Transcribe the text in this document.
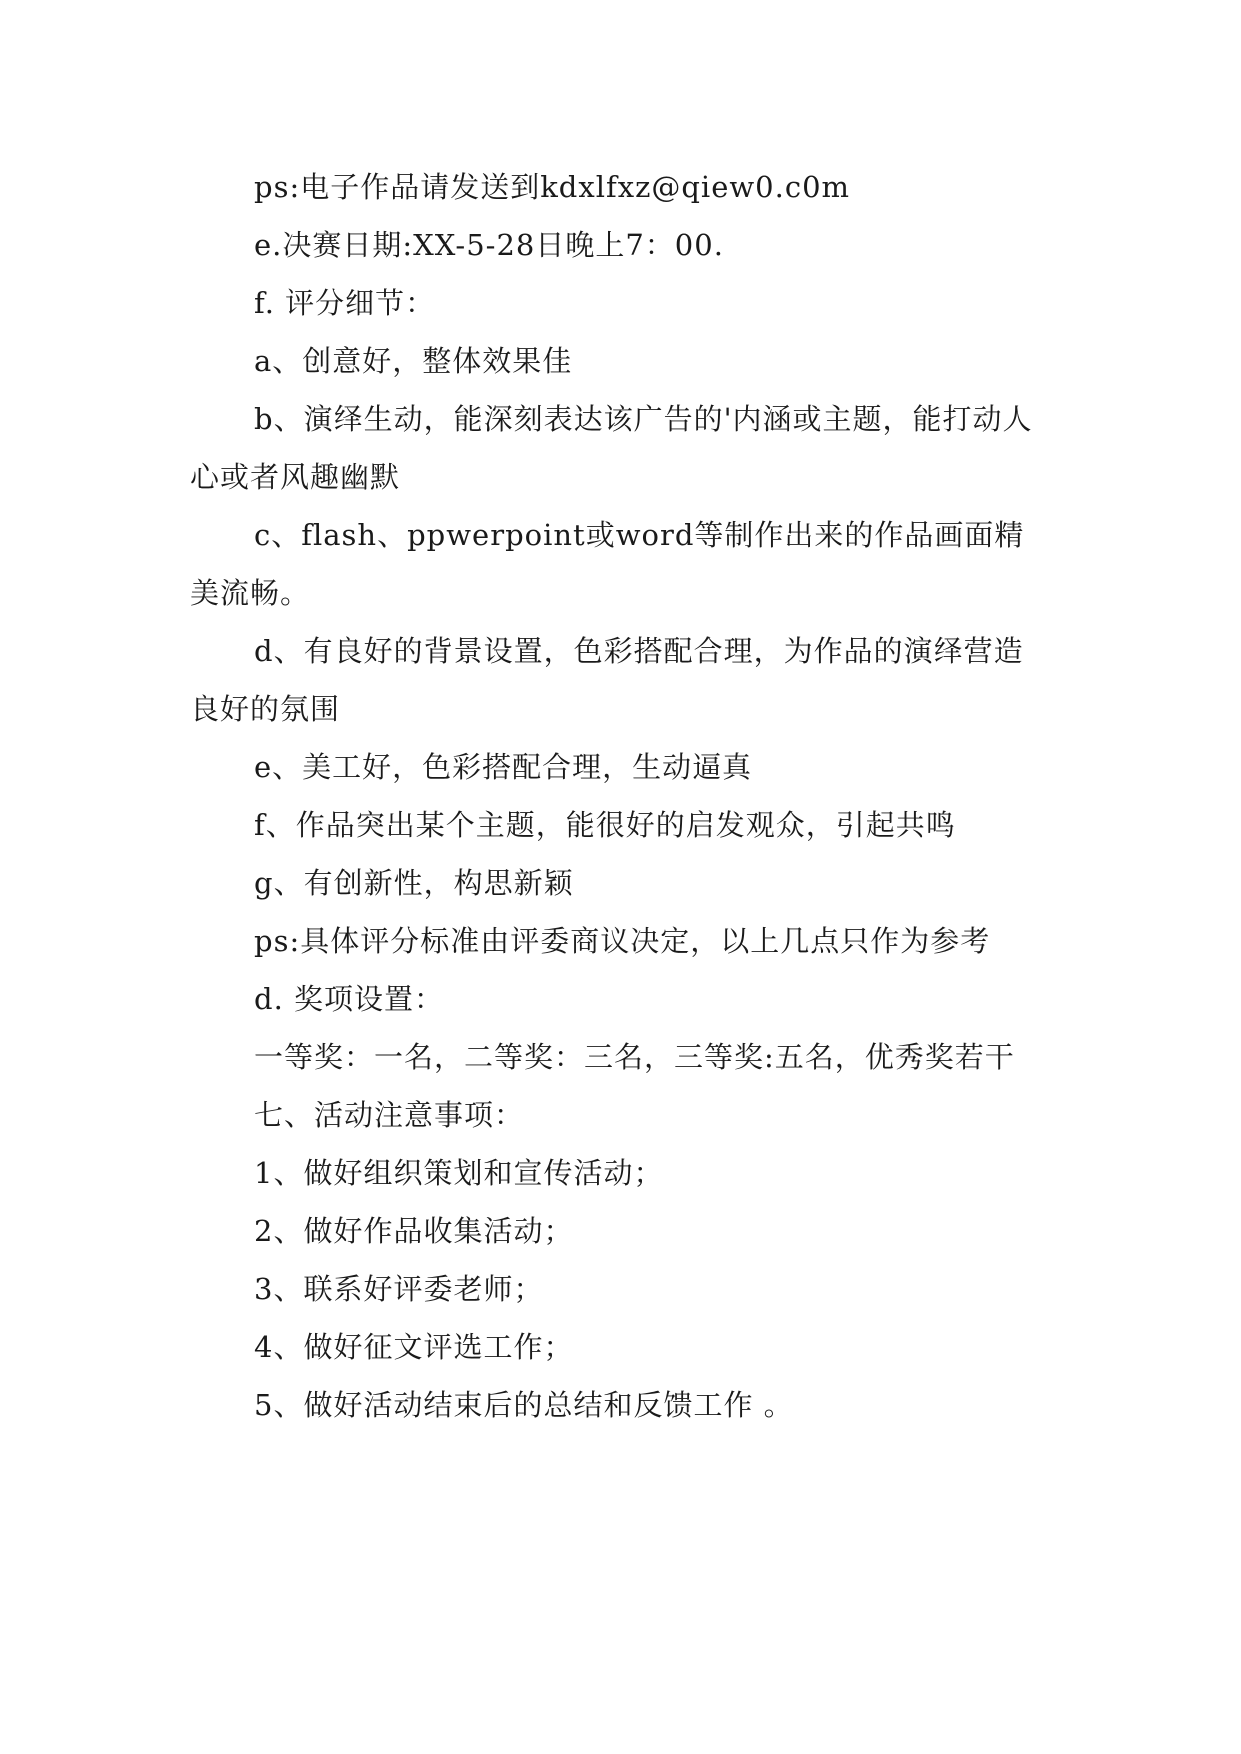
ps:电子作品请发送到kdxlfxz@qiew0.c0m

e.决赛日期:XX-5-28日晚上7：00.

f. 评分细节：

a、创意好，整体效果佳

b、演绎生动，能深刻表达该广告的'内涵或主题，能打动人心或者风趣幽默

c、flash、ppwerpoint或word等制作出来的作品画面精美流畅。

d、有良好的背景设置，色彩搭配合理，为作品的演绎营造良好的氛围

e、美工好，色彩搭配合理，生动逼真

f、作品突出某个主题，能很好的启发观众，引起共鸣

g、有创新性，构思新颖

ps:具体评分标准由评委商议决定，以上几点只作为参考

d. 奖项设置：

一等奖：一名，二等奖：三名，三等奖:五名，优秀奖若干

七、活动注意事项：

1、做好组织策划和宣传活动；

2、做好作品收集活动；

3、联系好评委老师；

4、做好征文评选工作；

5、做好活动结束后的总结和反馈工作 。
